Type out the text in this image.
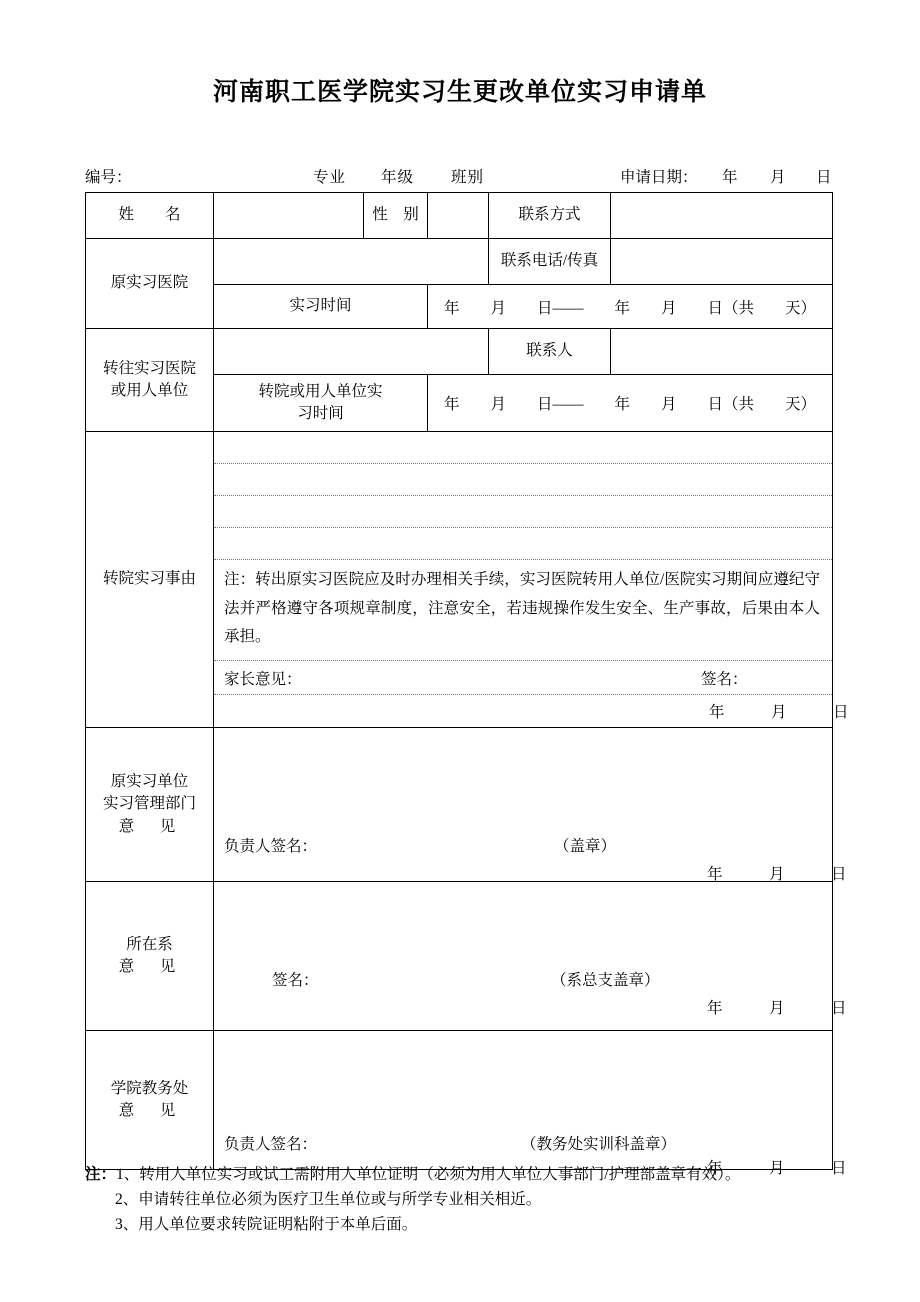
河南职工医学院实习生更改单位实习申请单
编号：	专业 年级 班别	申请日期： 年 月 日
姓　　名		性　别		联系方式	
原实习医院				联系电话/传真	
	实习时间		年　　月　　日——　　年　　月　　日（共　　天）		

转往实习医院
或用人单位				联系人	
	转院或用人单位实
习时间		年　　月　　日——　　年　　月　　日（共　　天）		

转院实习事由	注：转出原实习医院应及时办理相关手续，实习医院转用人单位/医院实习期间应遵纪守法并严格遵守各项规章制度，注意安全，若违规操作发生安全、生产事故，后果由本人承担。
家长意见： 签名：
年　　　月　　　日				

原实习单位
实习管理部门
意　见	负责人签名： （盖章）
年　　　月　　　日				

所在系
意　见	签名： （系总支盖章）
年　　　月　　　日				

学院教务处
意　见	负责人签名： （教务处实训科盖章）
年　　　月　　　日				
注：1、转用人单位实习或试工需附用人单位证明（必须为用人单位人事部门/护理部盖章有效）。
2、申请转往单位必须为医疗卫生单位或与所学专业相关相近。
3、用人单位要求转院证明粘附于本单后面。
